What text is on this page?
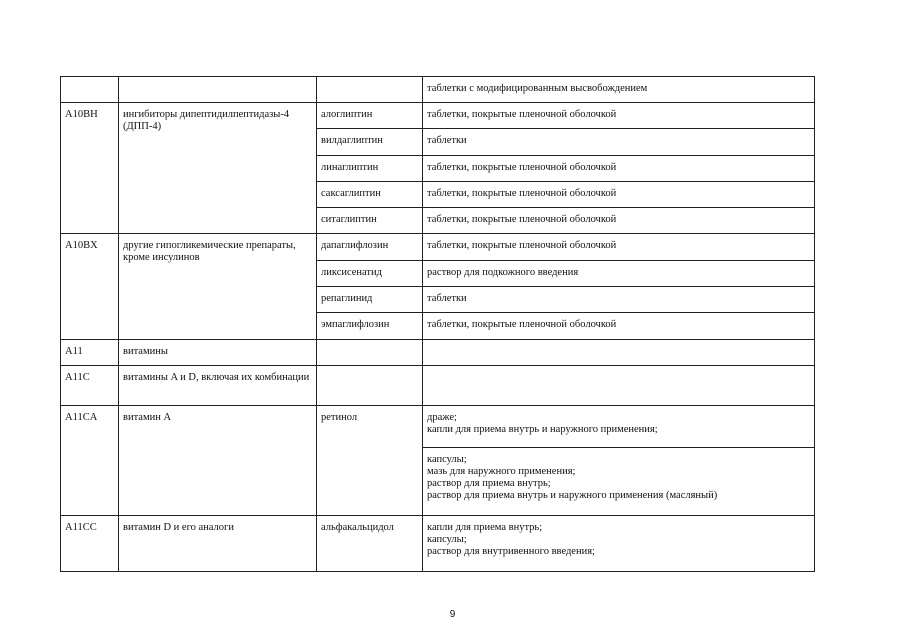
			таблетки с модифицированным высвобождением

A10BH	ингибиторы дипептидилпептидазы-4 (ДПП-4)	алоглиптин	таблетки, покрытые пленочной оболочкой

		вилдаглиптин	таблетки

		линаглиптин	таблетки, покрытые пленочной оболочкой

		саксаглиптин	таблетки, покрытые пленочной оболочкой

		ситаглиптин	таблетки, покрытые пленочной оболочкой

A10BX	другие гипогликемические препараты, кроме инсулинов	дапаглифлозин	таблетки, покрытые пленочной оболочкой

		ликсисенатид	раствор для подкожного введения

		репаглинид	таблетки

		эмпаглифлозин	таблетки, покрытые пленочной оболочкой

A11	витамины		
A11C	витамины A и D, включая их комбинации		
A11CA	витамин A	ретинол	драже;
капли для приема внутрь и наружного применения;

			капсулы;
мазь для наружного применения;
раствор для приема внутрь;
раствор для приема внутрь и наружного применения (масляный)

A11CC	витамин D и его аналоги	альфакальцидол	капли для приема внутрь;
капсулы;
раствор для внутривенного введения;
9
